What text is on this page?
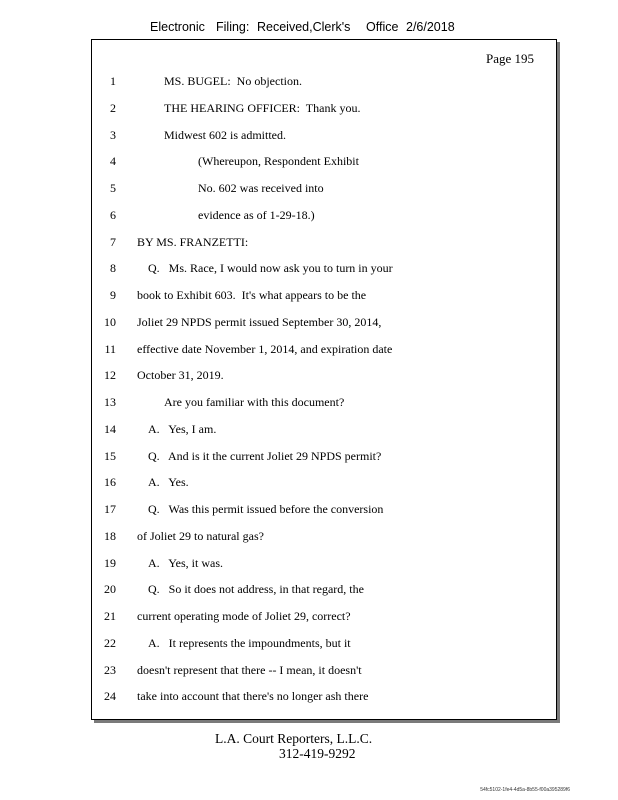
Electronic Filing: Received,Clerk's Office 2/6/2018
Page 195
1	MS. BUGEL:  No objection.
2	THE HEARING OFFICER:  Thank you.
3	Midwest 602 is admitted.
4	(Whereupon, Respondent Exhibit
5	No. 602 was received into
6	evidence as of 1-29-18.)
7 BY MS. FRANZETTI:
8	Q.   Ms. Race, I would now ask you to turn in your
9 book to Exhibit 603.  It's what appears to be the
10 Joliet 29 NPDS permit issued September 30, 2014,
11 effective date November 1, 2014, and expiration date
12 October 31, 2019.
13	Are you familiar with this document?
14	A.   Yes, I am.
15	Q.   And is it the current Joliet 29 NPDS permit?
16	A.   Yes.
17	Q.   Was this permit issued before the conversion
18 of Joliet 29 to natural gas?
19	A.   Yes, it was.
20	Q.   So it does not address, in that regard, the
21 current operating mode of Joliet 29, correct?
22	A.   It represents the impoundments, but it
23 doesn't represent that there -- I mean, it doesn't
24 take into account that there's no longer ash there
L.A. Court Reporters, L.L.C.
312-419-9292
54fc5102-1fe4-4d5a-8b55-f00a395289f6
